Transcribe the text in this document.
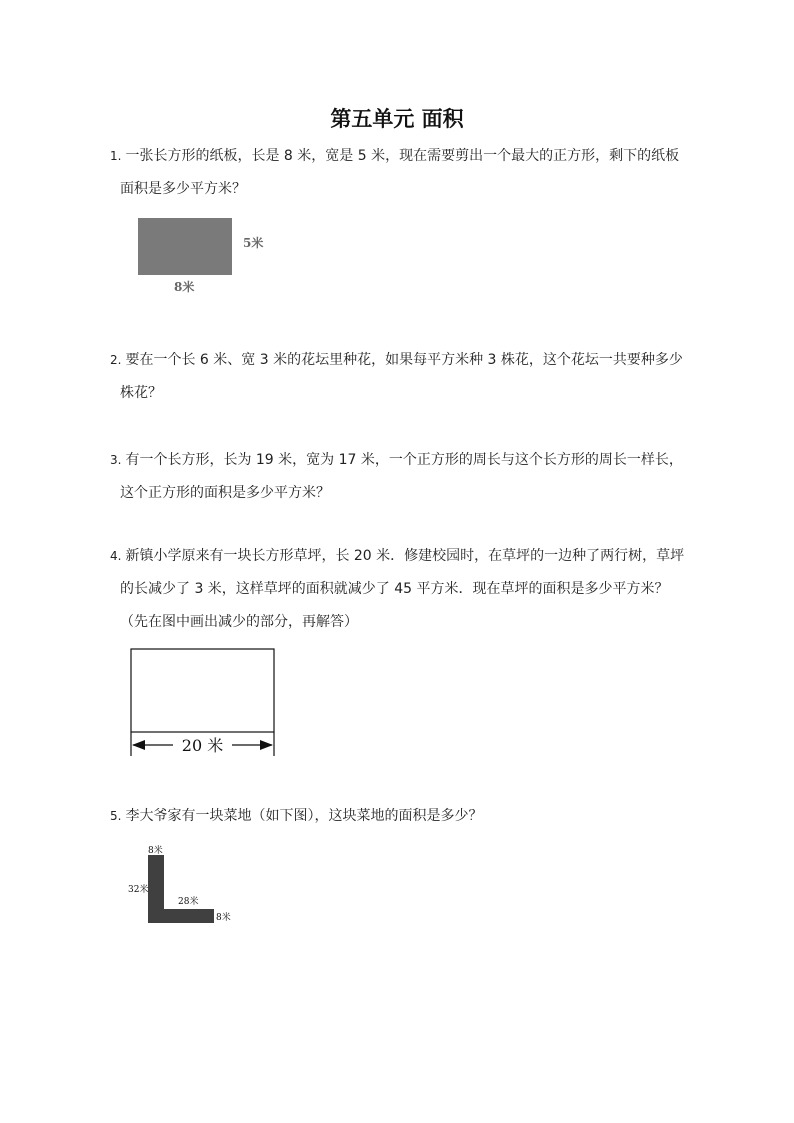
第五单元 面积
1. 一张长方形的纸板，长是 8 米，宽是 5 米，现在需要剪出一个最大的正方形，剩下的纸板
面积是多少平方米？
5米
8米
2. 要在一个长 6 米、宽 3 米的花坛里种花，如果每平方米种 3 株花，这个花坛一共要种多少
株花？
3. 有一个长方形，长为 19 米，宽为 17 米，一个正方形的周长与这个长方形的周长一样长，
这个正方形的面积是多少平方米？
4. 新镇小学原来有一块长方形草坪，长 20 米．修建校园时，在草坪的一边种了两行树，草坪
的长减少了 3 米，这样草坪的面积就减少了 45 平方米．现在草坪的面积是多少平方米？
（先在图中画出减少的部分，再解答）
20 米
5. 李大爷家有一块菜地（如下图），这块菜地的面积是多少？
8米
32米
28米
8米
